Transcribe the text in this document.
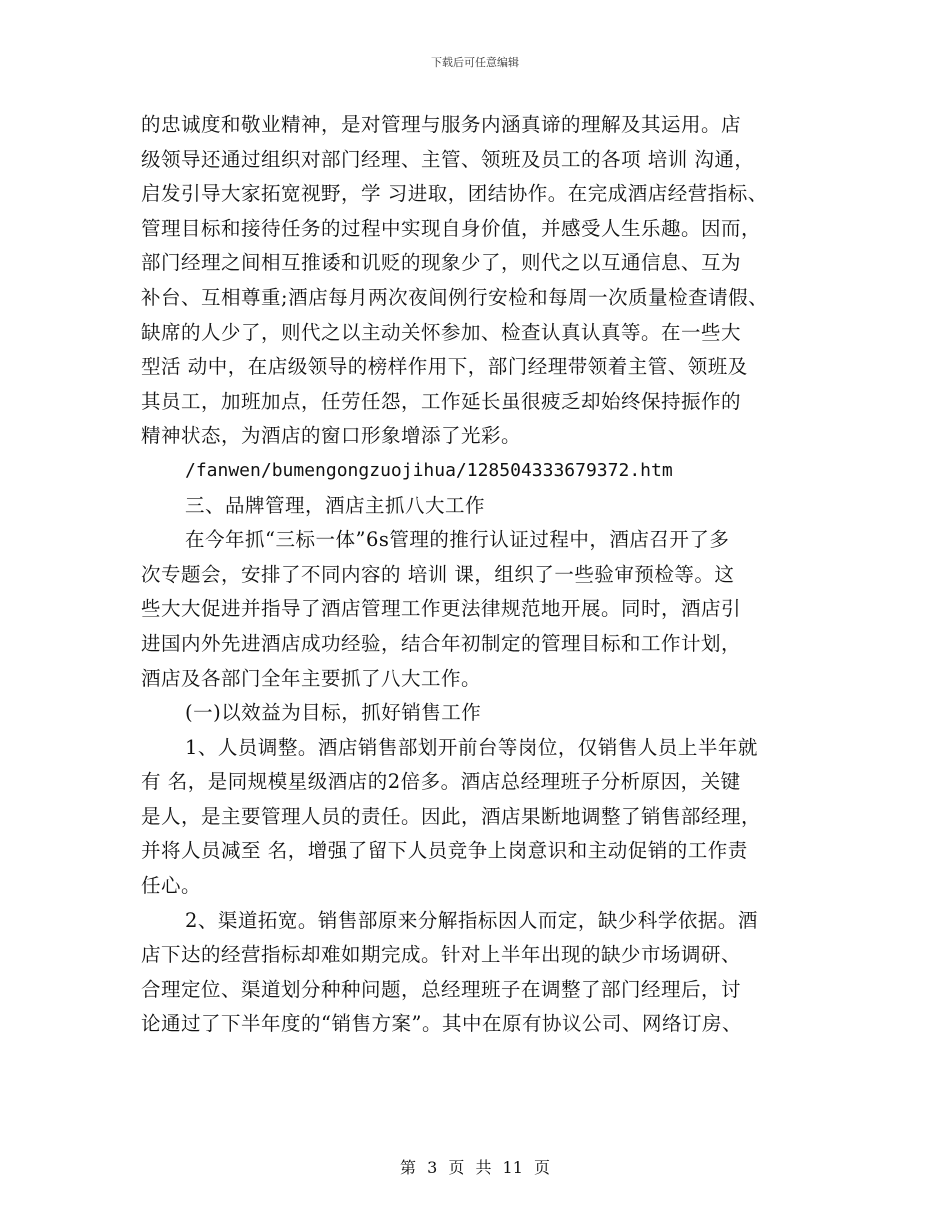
下载后可任意编辑
的忠诚度和敬业精神，是对管理与服务内涵真谛的理解及其运用。店
级领导还通过组织对部门经理、主管、领班及员工的各项 培训 沟通，
启发引导大家拓宽视野，学 习进取，团结协作。在完成酒店经营指标、
管理目标和接待任务的过程中实现自身价值，并感受人生乐趣。因而，
部门经理之间相互推诿和讥贬的现象少了，则代之以互通信息、互为
补台、互相尊重;酒店每月两次夜间例行安检和每周一次质量检查请假、
缺席的人少了，则代之以主动关怀参加、检查认真认真等。在一些大
型活 动中，在店级领导的榜样作用下，部门经理带领着主管、领班及
其员工，加班加点，任劳任怨，工作延长虽很疲乏却始终保持振作的
精神状态，为酒店的窗口形象增添了光彩。
/fanwen/bumengongzuojihua/128504333679372.htm
三、品牌管理，酒店主抓八大工作
在今年抓“三标一体”6s管理的推行认证过程中，酒店召开了多
次专题会，安排了不同内容的 培训 课，组织了一些验审预检等。这
些大大促进并指导了酒店管理工作更法律规范地开展。同时，酒店引
进国内外先进酒店成功经验，结合年初制定的管理目标和工作计划，
酒店及各部门全年主要抓了八大工作。
(一)以效益为目标，抓好销售工作
1、人员调整。酒店销售部划开前台等岗位，仅销售人员上半年就
有 名，是同规模星级酒店的2倍多。酒店总经理班子分析原因，关键
是人，是主要管理人员的责任。因此，酒店果断地调整了销售部经理，
并将人员减至 名，增强了留下人员竞争上岗意识和主动促销的工作责
任心。
2、渠道拓宽。销售部原来分解指标因人而定，缺少科学依据。酒
店下达的经营指标却难如期完成。针对上半年出现的缺少市场调研、
合理定位、渠道划分种种问题，总经理班子在调整了部门经理后，讨
论通过了下半年度的“销售方案”。其中在原有协议公司、网络订房、
第 3 页 共 11 页
